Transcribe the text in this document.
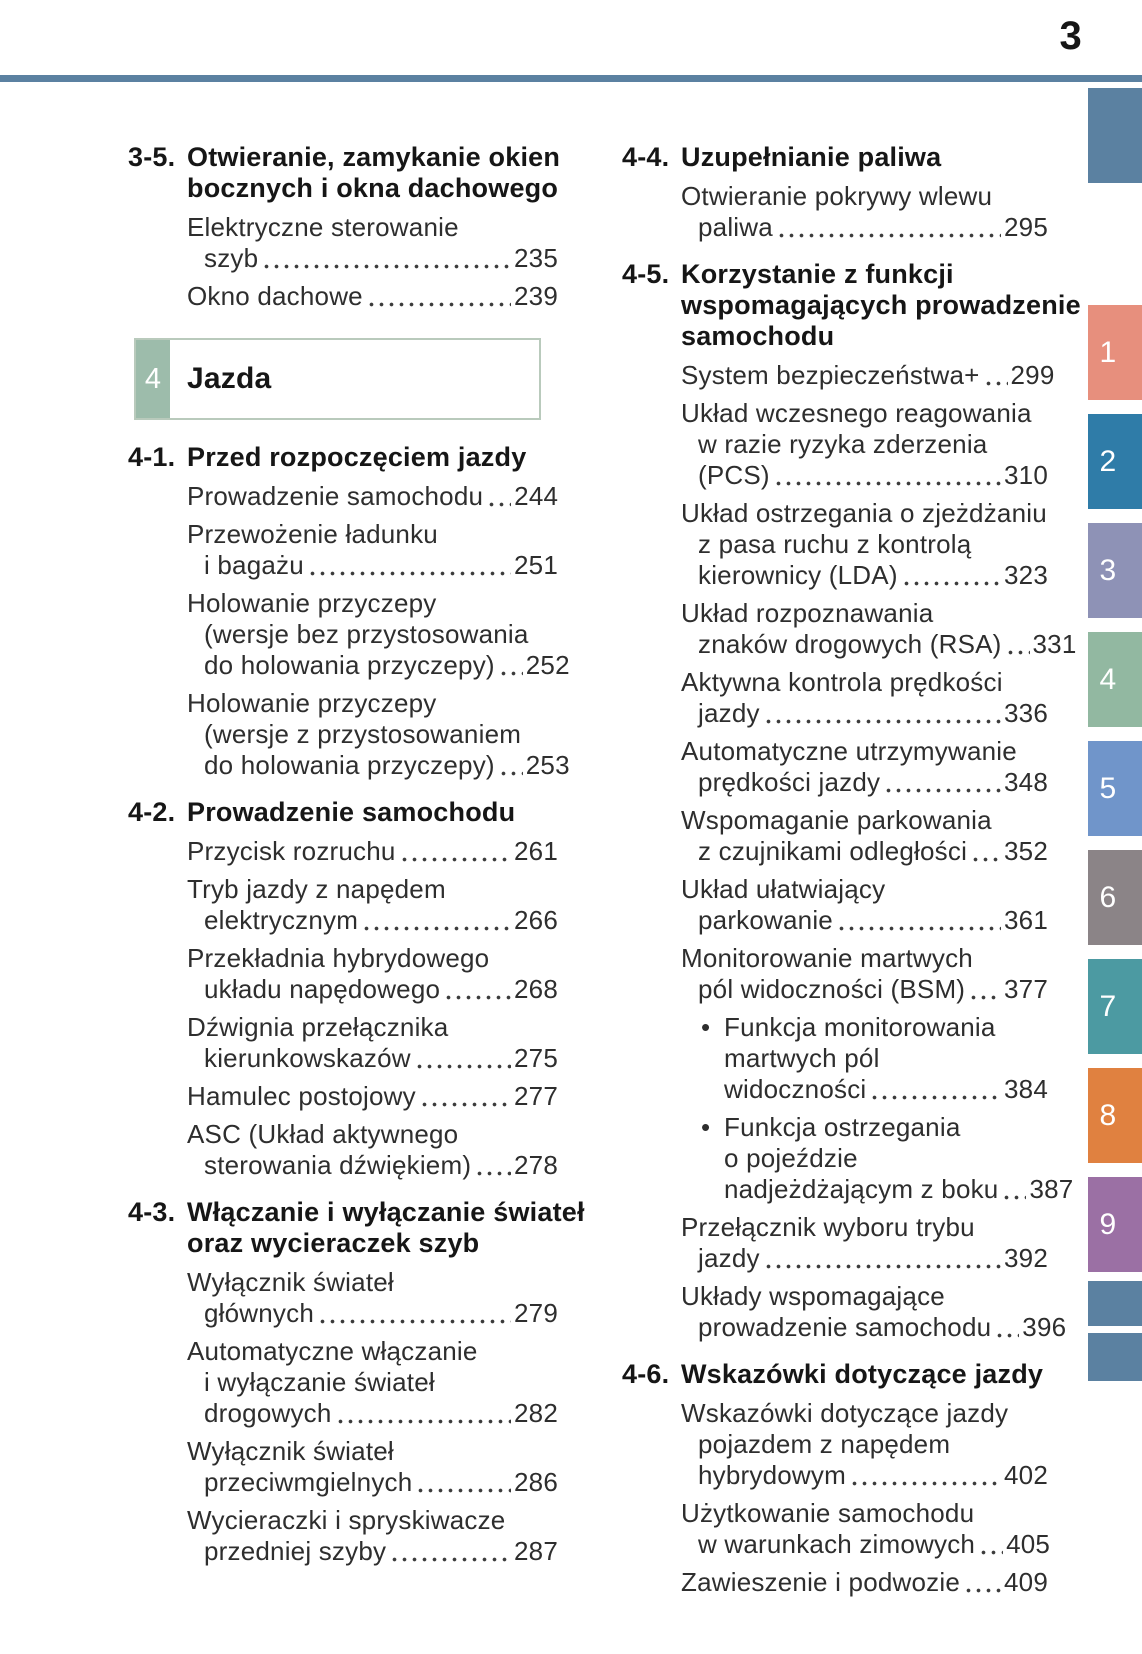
3
3-5. Otwieranie, zamykanie okien
bocznych i okna dachowego
Elektryczne sterowanie
szyb	235
Okno dachowe	239
4 Jazda
4-1. Przed rozpoczęciem jazdy
Prowadzenie samochodu 244
Przewożenie ładunku
i bagażu	251
Holowanie przyczepy
(wersje bez przystosowania
do holowania przyczepy) 252
Holowanie przyczepy
(wersje z przystosowaniem
do holowania przyczepy) 253
4-2. Prowadzenie samochodu
Przycisk rozruchu	261
Tryb jazdy z napędem
elektrycznym	266
Przekładnia hybrydowego
układu napędowego	268
Dźwignia przełącznika
kierunkowskazów	275
Hamulec postojowy	277
ASC (Układ aktywnego
sterowania dźwiękiem) 278
4-3. Włączanie i wyłączanie świateł
oraz wycieraczek szyb
Wyłącznik świateł
głównych	279
Automatyczne włączanie
i wyłączanie świateł
drogowych	282
Wyłącznik świateł
przeciwmgielnych	286
Wycieraczki i spryskiwacze
przedniej szyby	287
4-4. Uzupełnianie paliwa
Otwieranie pokrywy wlewu
paliwa	295
4-5. Korzystanie z funkcji
wspomagających prowadzenie
samochodu
System bezpieczeństwa+ 299
Układ wczesnego reagowania
w razie ryzyka zderzenia
(PCS)	310
Układ ostrzegania o zjeżdżaniu
z pasa ruchu z kontrolą
kierownicy (LDA)	323
Układ rozpoznawania
znaków drogowych (RSA) 331
Aktywna kontrola prędkości
jazdy	336
Automatyczne utrzymywanie
prędkości jazdy	348
Wspomaganie parkowania
z czujnikami odległości 352
Układ ułatwiający
parkowanie	361
Monitorowanie martwych
pól widoczności (BSM) 377
• Funkcja monitorowania
martwych pól
widoczności	384
• Funkcja ostrzegania
o pojeździe
nadjeżdżającym z boku 387
Przełącznik wyboru trybu
jazdy	392
Układy wspomagające
prowadzenie samochodu 396
4-6. Wskazówki dotyczące jazdy
Wskazówki dotyczące jazdy
pojazdem z napędem
hybrydowym	402
Użytkowanie samochodu
w warunkach zimowych 405
Zawieszenie i podwozie 409
1
2
3
4
5
6
7
8
9
